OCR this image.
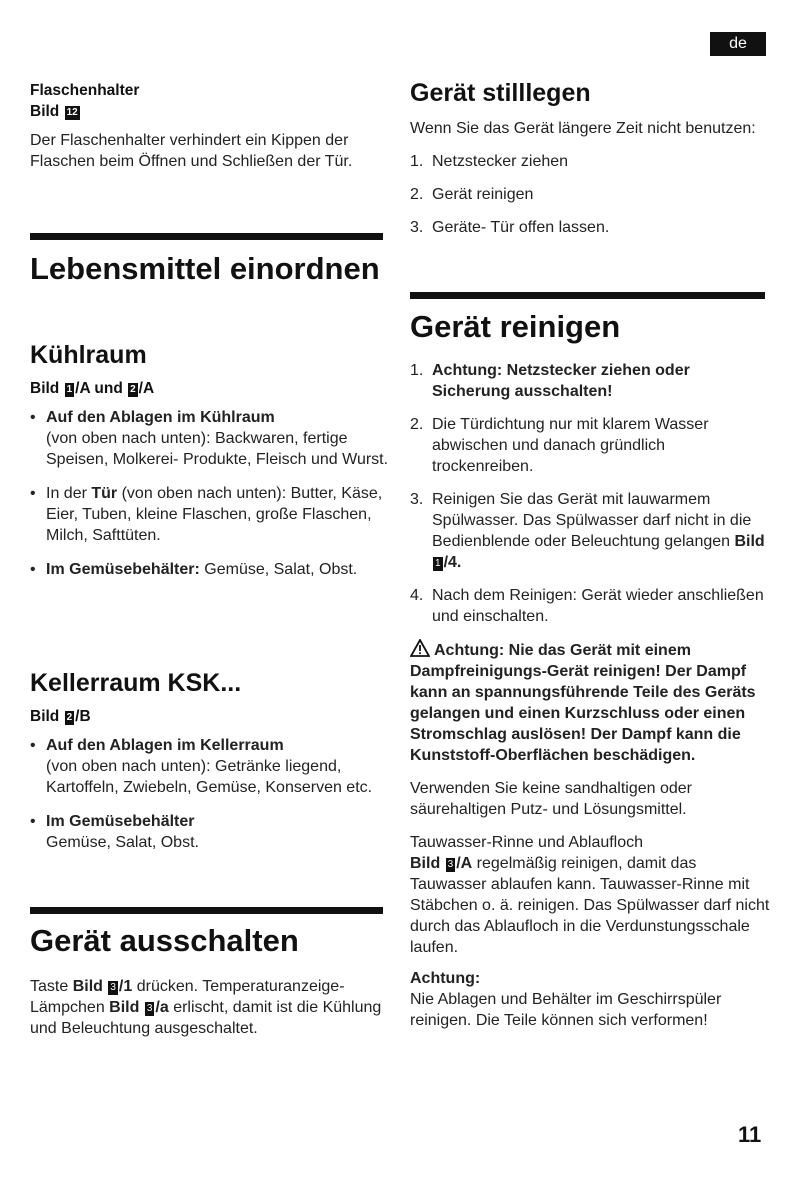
de
Flaschenhalter
Bild 12

Der Flaschenhalter verhindert ein Kippen der Flaschen beim Öffnen und Schließen der Tür.

Lebensmittel einordnen
Kühlraum
Bild 1 /A und 2 /A
• Auf den Ablagen im Kühlraum
(von oben nach unten): Backwaren, fertige Speisen, Molkerei- Produkte, Fleisch und Wurst.
• In der Tür (von oben nach unten): Butter, Käse, Eier, Tuben, kleine Flaschen, große Flaschen, Milch, Safttüten.
• Im Gemüsebehälter: Gemüse, Salat, Obst.
Kellerraum KSK...
Bild 2 /B
• Auf den Ablagen im Kellerraum
(von oben nach unten): Getränke liegend, Kartoffeln, Zwiebeln, Gemüse, Konserven etc.
• Im Gemüsebehälter
Gemüse, Salat, Obst.
Gerät ausschalten

Taste Bild 3 /1 drücken. Temperaturanzeige-Lämpchen Bild 3 /a erlischt, damit ist die Kühlung und Beleuchtung ausgeschaltet.

Gerät stilllegen

Wenn Sie das Gerät längere Zeit nicht benutzen:

1. Netzstecker ziehen
2. Gerät reinigen
3. Geräte- Tür offen lassen.
Gerät reinigen
1. Achtung: Netzstecker ziehen oder Sicherung ausschalten!
2. Die Türdichtung nur mit klarem Wasser abwischen und danach gründlich trockenreiben.
3. Reinigen Sie das Gerät mit lauwarmem Spülwasser. Das Spülwasser darf nicht in die Bedienblende oder Beleuchtung gelangen Bild 1 /4.
4. Nach dem Reinigen: Gerät wieder anschließen und einschalten.

Achtung: Nie das Gerät mit einem Dampfreinigungs-Gerät reinigen! Der Dampf kann an spannungsführende Teile des Geräts gelangen und einen Kurzschluss oder einen Stromschlag auslösen! Der Dampf kann die Kunststoff-Oberflächen beschädigen.

Verwenden Sie keine sandhaltigen oder säurehaltigen Putz- und Lösungsmittel.

Tauwasser-Rinne und Ablaufloch
Bild 3 /A regelmäßig reinigen, damit das Tauwasser ablaufen kann. Tauwasser-Rinne mit Stäbchen o. ä. reinigen. Das Spülwasser darf nicht durch das Ablaufloch in die Verdunstungsschale laufen.

Achtung:

Nie Ablagen und Behälter im Geschirrspüler reinigen. Die Teile können sich verformen!

11
